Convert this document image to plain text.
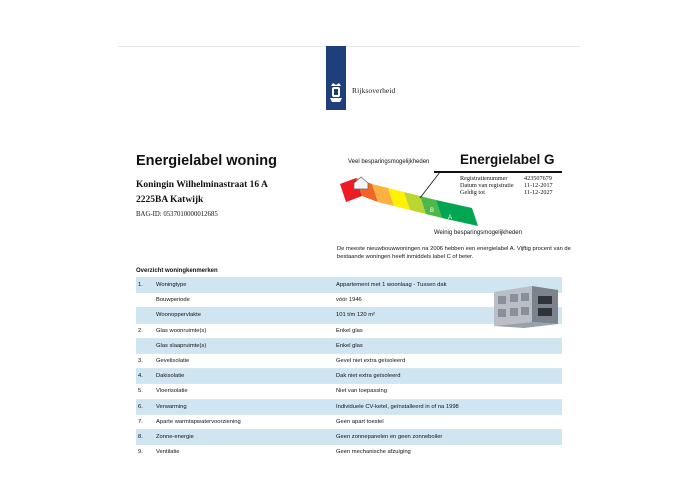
Rijksoverheid
Energielabel woning
Koningin Wilhelminastraat 16 A
2225BA Katwijk
BAG-ID: 0537010000012685
Veel besparingsmogelijkheden
B
A
Weinig besparingsmogelijkheden
Energielabel G
Registratienummer	423507679
Datum van registratie 11-12-2017
Geldig tot	11-12-2027
De meeste nieuwbouwwoningen na 2006 hebben een energielabel A. Vijftig procent van de bestaande woningen heeft inmiddels label C of beter.
Overzicht woningkenmerken
1. Woningtype	Appartement met 1 woonlaag - Tussen dak
Bouwperiode	vóór 1946
Woonoppervlakte	101 t/m 120 m²
2. Glas woonruimte(s)	Enkel glas
Glas slaapruimte(s)	Enkel glas
3. Gevelisolatie	Gevel niet extra geïsoleerd
4. Dakisolatie	Dak niet extra geïsoleerd
5. Vloerisolatie	Niet van toepassing
6. Verwarming	Individuele CV-ketel, geïnstalleerd in of na 1998
7. Aparte warmtapwatervoorziening	Geen apart toestel
8. Zonne-energie	Geen zonnepanelen en geen zonneboiler
9. Ventilatie	Geen mechanische afzuiging
